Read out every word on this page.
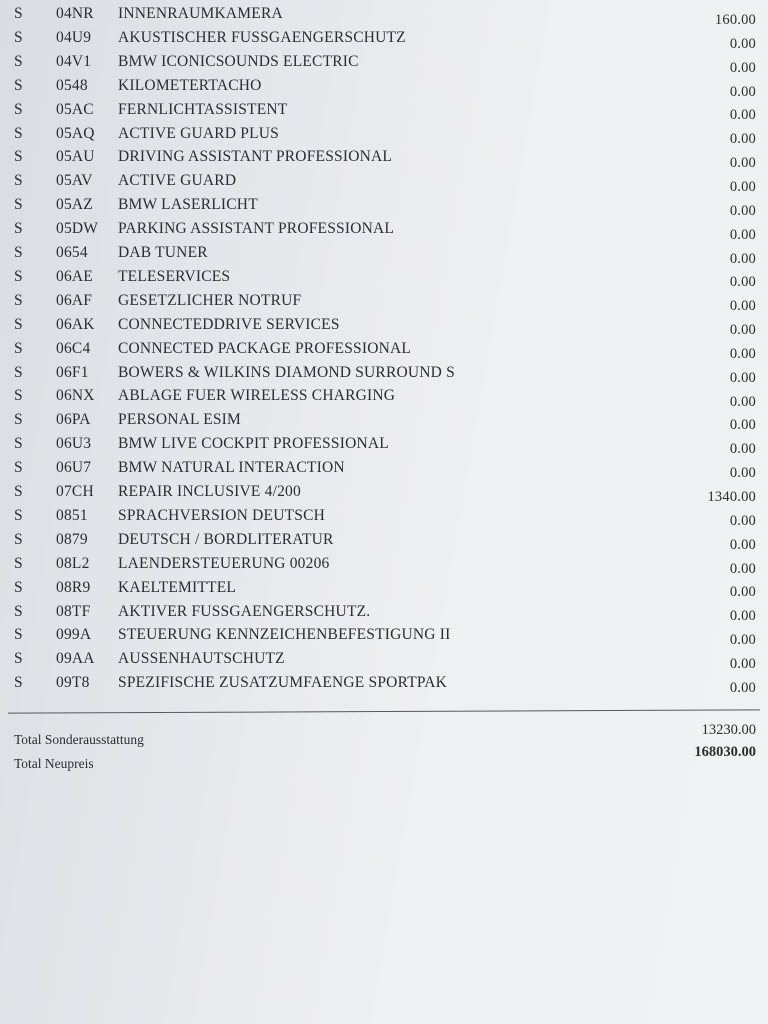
S 04NR INNENRAUMKAMERA	160.00
S 04U9 AKUSTISCHER FUSSGAENGERSCHUTZ	0.00
S 04V1 BMW ICONICSOUNDS ELECTRIC	0.00
S 0548 KILOMETERTACHO	0.00
S 05AC FERNLICHTASSISTENT	0.00
S 05AQ ACTIVE GUARD PLUS	0.00
S 05AU DRIVING ASSISTANT PROFESSIONAL	0.00
S 05AV ACTIVE GUARD	0.00
S 05AZ BMW LASERLICHT	0.00
S 05DW PARKING ASSISTANT PROFESSIONAL	0.00
S 0654 DAB TUNER	0.00
S 06AE TELESERVICES	0.00
S 06AF GESETZLICHER NOTRUF	0.00
S 06AK CONNECTEDDRIVE SERVICES	0.00
S 06C4 CONNECTED PACKAGE PROFESSIONAL	0.00
S 06F1 BOWERS & WILKINS DIAMOND SURROUND S	0.00
S 06NX ABLAGE FUER WIRELESS CHARGING	0.00
S 06PA PERSONAL ESIM	0.00
S 06U3 BMW LIVE COCKPIT PROFESSIONAL	0.00
S 06U7 BMW NATURAL INTERACTION	0.00
S 07CH REPAIR INCLUSIVE 4/200	1340.00
S 0851 SPRACHVERSION DEUTSCH	0.00
S 0879 DEUTSCH / BORDLITERATUR	0.00
S 08L2 LAENDERSTEUERUNG 00206	0.00
S 08R9 KAELTEMITTEL	0.00
S 08TF AKTIVER FUSSGAENGERSCHUTZ.	0.00
S 099A STEUERUNG KENNZEICHENBEFESTIGUNG II	0.00
S 09AA AUSSENHAUTSCHUTZ	0.00
S 09T8 SPEZIFISCHE ZUSATZUMFAENGE SPORTPAK	0.00
Total Sonderausstattung
13230.00
Total Neupreis
168030.00
